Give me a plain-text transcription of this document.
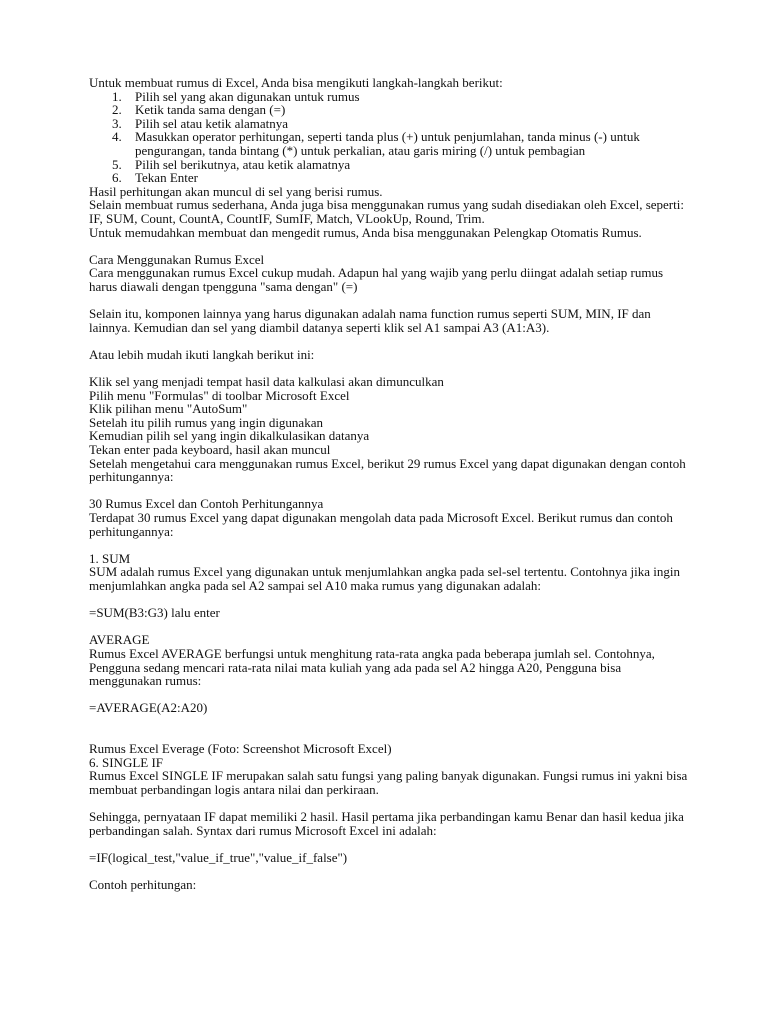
Untuk membuat rumus di Excel, Anda bisa mengikuti langkah-langkah berikut:

1. Pilih sel yang akan digunakan untuk rumus
2. Ketik tanda sama dengan (=)
3. Pilih sel atau ketik alamatnya
4. Masukkan operator perhitungan, seperti tanda plus (+) untuk penjumlahan, tanda minus (-) untuk pengurangan, tanda bintang (*) untuk perkalian, atau garis miring (/) untuk pembagian
5. Pilih sel berikutnya, atau ketik alamatnya
6. Tekan Enter

Hasil perhitungan akan muncul di sel yang berisi rumus.

Selain membuat rumus sederhana, Anda juga bisa menggunakan rumus yang sudah disediakan oleh Excel, seperti:

IF, SUM, Count, CountA, CountIF, SumIF, Match, VLookUp, Round, Trim.

Untuk memudahkan membuat dan mengedit rumus, Anda bisa menggunakan Pelengkap Otomatis Rumus.

Cara Menggunakan Rumus Excel

Cara menggunakan rumus Excel cukup mudah. Adapun hal yang wajib yang perlu diingat adalah setiap rumus harus diawali dengan tpengguna "sama dengan" (=)

Selain itu, komponen lainnya yang harus digunakan adalah nama function rumus seperti SUM, MIN, IF dan lainnya. Kemudian dan sel yang diambil datanya seperti klik sel A1 sampai A3 (A1:A3).

Atau lebih mudah ikuti langkah berikut ini:

Klik sel yang menjadi tempat hasil data kalkulasi akan dimunculkan

Pilih menu "Formulas" di toolbar Microsoft Excel

Klik pilihan menu "AutoSum"

Setelah itu pilih rumus yang ingin digunakan

Kemudian pilih sel yang ingin dikalkulasikan datanya

Tekan enter pada keyboard, hasil akan muncul

Setelah mengetahui cara menggunakan rumus Excel, berikut 29 rumus Excel yang dapat digunakan dengan contoh perhitungannya:

30 Rumus Excel dan Contoh Perhitungannya

Terdapat 30 rumus Excel yang dapat digunakan mengolah data pada Microsoft Excel. Berikut rumus dan contoh perhitungannya:

1. SUM

SUM adalah rumus Excel yang digunakan untuk menjumlahkan angka pada sel-sel tertentu. Contohnya jika ingin menjumlahkan angka pada sel A2 sampai sel A10 maka rumus yang digunakan adalah:

=SUM(B3:G3) lalu enter

AVERAGE

Rumus Excel AVERAGE berfungsi untuk menghitung rata-rata angka pada beberapa jumlah sel. Contohnya, Pengguna sedang mencari rata-rata nilai mata kuliah yang ada pada sel A2 hingga A20, Pengguna bisa menggunakan rumus:

=AVERAGE(A2:A20)

Rumus Excel Everage (Foto: Screenshot Microsoft Excel)

6. SINGLE IF

Rumus Excel SINGLE IF merupakan salah satu fungsi yang paling banyak digunakan. Fungsi rumus ini yakni bisa membuat perbandingan logis antara nilai dan perkiraan.

Sehingga, pernyataan IF dapat memiliki 2 hasil. Hasil pertama jika perbandingan kamu Benar dan hasil kedua jika perbandingan salah. Syntax dari rumus Microsoft Excel ini adalah:

=IF(logical_test,"value_if_true","value_if_false")

Contoh perhitungan:
